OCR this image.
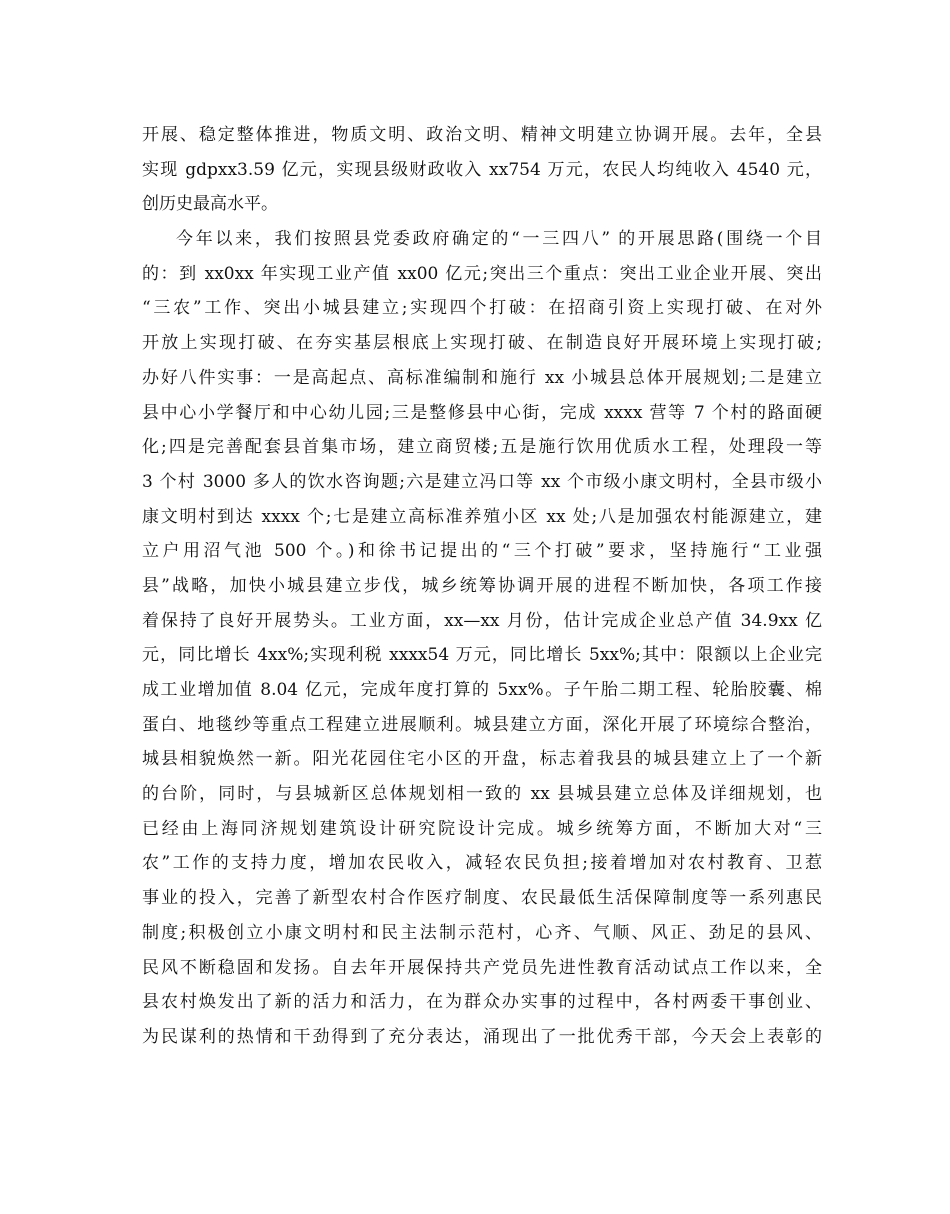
开展、稳定整体推进，物质文明、政治文明、精神文明建立协调开展。去年，全县
实现 gdpxx3.59 亿元，实现县级财政收入 xx754 万元，农民人均纯收入 4540 元，
创历史最高水平。
今年以来，我们按照县党委政府确定的“一三四八” 的开展思路(围绕一个目
的：到 xx0xx 年实现工业产值 xx00 亿元;突出三个重点：突出工业企业开展、突出
“三农”工作、突出小城县建立;实现四个打破：在招商引资上实现打破、在对外
开放上实现打破、在夯实基层根底上实现打破、在制造良好开展环境上实现打破;
办好八件实事：一是高起点、高标准编制和施行 xx 小城县总体开展规划;二是建立
县中心小学餐厅和中心幼儿园;三是整修县中心街，完成 xxxx 营等 7 个村的路面硬
化;四是完善配套县首集市场，建立商贸楼;五是施行饮用优质水工程，处理段一等
3 个村 3000 多人的饮水咨询题;六是建立冯口等 xx 个市级小康文明村，全县市级小
康文明村到达 xxxx 个;七是建立高标准养殖小区 xx 处;八是加强农村能源建立，建
立户用沼气池 500 个。)和徐书记提出的“三个打破”要求，坚持施行“工业强
县”战略，加快小城县建立步伐，城乡统筹协调开展的进程不断加快，各项工作接
着保持了良好开展势头。工业方面，xx—xx 月份，估计完成企业总产值 34.9xx 亿
元，同比增长 4xx%;实现利税 xxxx54 万元，同比增长 5xx%;其中：限额以上企业完
成工业增加值 8.04 亿元，完成年度打算的 5xx%。子午胎二期工程、轮胎胶囊、棉
蛋白、地毯纱等重点工程建立进展顺利。城县建立方面，深化开展了环境综合整治，
城县相貌焕然一新。阳光花园住宅小区的开盘，标志着我县的城县建立上了一个新
的台阶，同时，与县城新区总体规划相一致的 xx 县城县建立总体及详细规划，也
已经由上海同济规划建筑设计研究院设计完成。城乡统筹方面，不断加大对“三
农”工作的支持力度，增加农民收入，减轻农民负担;接着增加对农村教育、卫惹
事业的投入，完善了新型农村合作医疗制度、农民最低生活保障制度等一系列惠民
制度;积极创立小康文明村和民主法制示范村，心齐、气顺、风正、劲足的县风、
民风不断稳固和发扬。自去年开展保持共产党员先进性教育活动试点工作以来，全
县农村焕发出了新的活力和活力，在为群众办实事的过程中，各村两委干事创业、
为民谋利的热情和干劲得到了充分表达，涌现出了一批优秀干部，今天会上表彰的
